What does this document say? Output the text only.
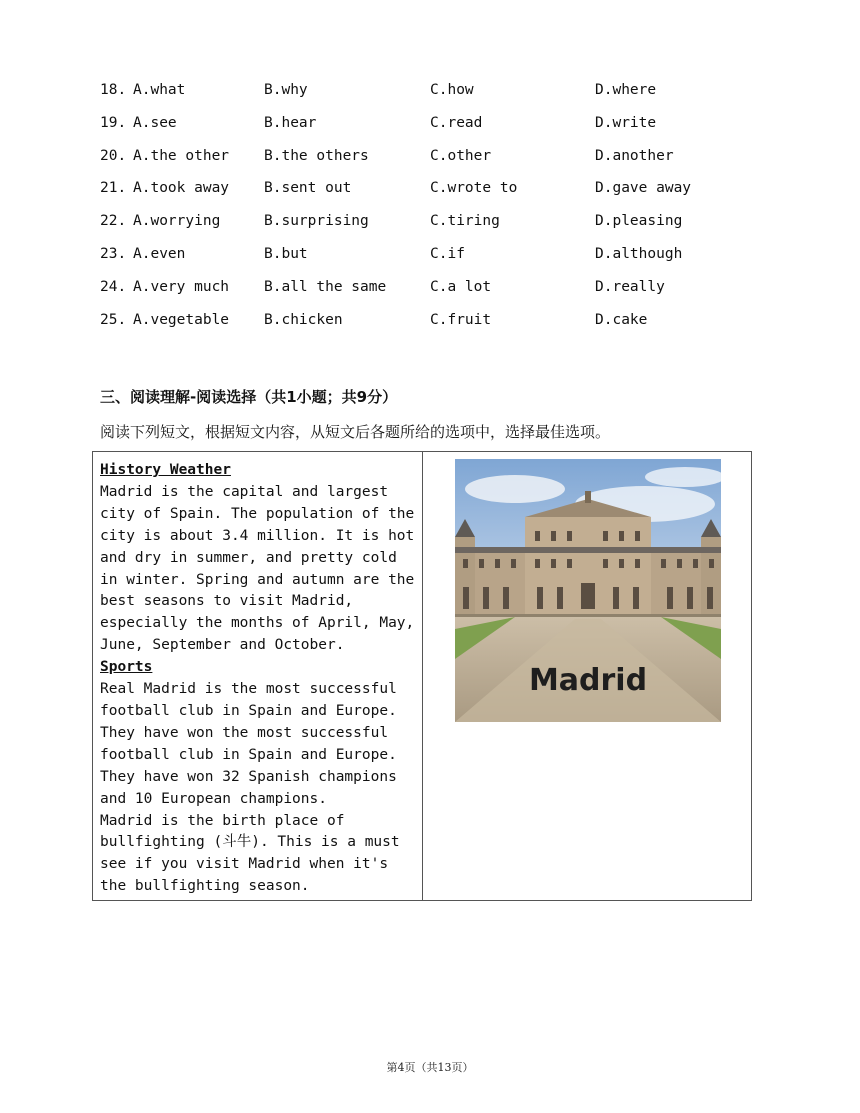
18. A.what	B.why	C.how	D.where
19. A.see	B.hear	C.read	D.write
20. A.the other B.the others	C.other	D.another
21. A.took away B.sent out	C.wrote to	D.gave away
22. A.worrying	B.surprising	C.tiring	D.pleasing
23. A.even	B.but	C.if	D.although
24. A.very much B.all the same	C.a lot	D.really
25. A.vegetable B.chicken	C.fruit	D.cake
三、阅读理解-阅读选择（共1小题；共9分）
阅读下列短文，根据短文内容，从短文后各题所给的选项中，选择最佳选项。

History Weather

Madrid is the capital and largest city of Spain. The population of the city is about 3.4 million. It is hot and dry in summer, and pretty cold in winter. Spring and autumn are the best seasons to visit Madrid, especially the months of April, May, June, September and October.

Sports

Real Madrid is the most successful football club in Spain and Europe. They have won the most successful football club in Spain and Europe. They have won 32 Spanish champions and 10 European champions.

Madrid is the birth place of bullfighting (斗牛). This is a must see if you visit Madrid when it's the bullfighting season.

Madrid
第4页（共13页）
